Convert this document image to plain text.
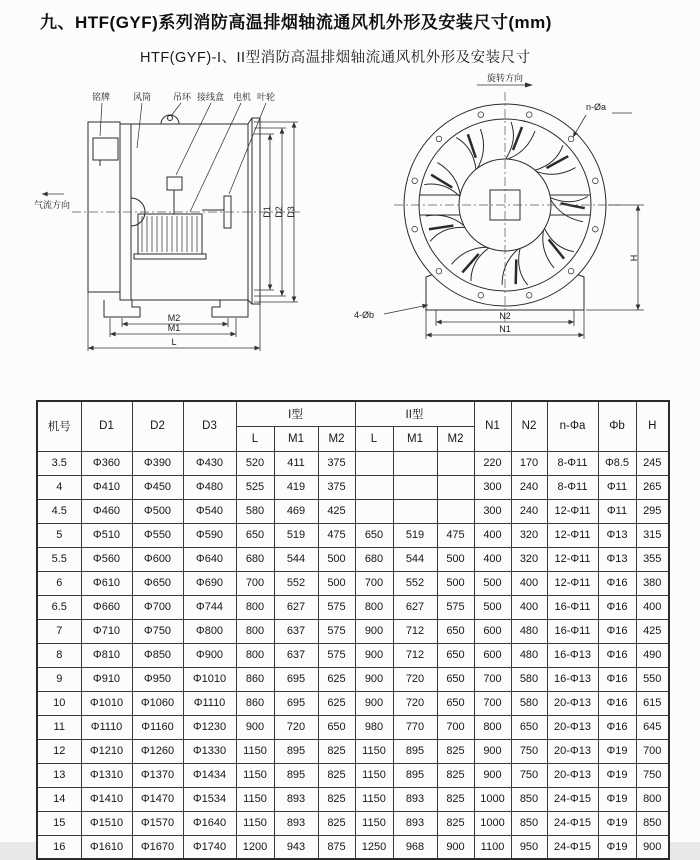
九、HTF(GYF)系列消防高温排烟轴流通风机外形及安装尺寸(mm)
HTF(GYF)-I、II型消防高温排烟轴流通风机外形及安装尺寸
铭牌	风筒 吊环 接线盒 电机 叶轮
气流方向
D1 D2 D3
M2
M1
L
旋转方向
n-Øa
4-Øb
H
N2
N1
机号	D1	D2	D3	I型			II型			N1	N2	n-Φa	Φb	H
				L	M1	M2	L	M1	M2					
3.5	Φ360	Φ390	Φ430	520	411	375				220	170	8-Φ11	Φ8.5	245
4	Φ410	Φ450	Φ480	525	419	375				300	240	8-Φ11	Φ11	265
4.5	Φ460	Φ500	Φ540	580	469	425				300	240	12-Φ11	Φ11	295
5	Φ510	Φ550	Φ590	650	519	475	650	519	475	400	320	12-Φ11	Φ13	315
5.5	Φ560	Φ600	Φ640	680	544	500	680	544	500	400	320	12-Φ11	Φ13	355
6	Φ610	Φ650	Φ690	700	552	500	700	552	500	500	400	12-Φ11	Φ16	380
6.5	Φ660	Φ700	Φ744	800	627	575	800	627	575	500	400	16-Φ11	Φ16	400
7	Φ710	Φ750	Φ800	800	637	575	900	712	650	600	480	16-Φ11	Φ16	425
8	Φ810	Φ850	Φ900	800	637	575	900	712	650	600	480	16-Φ13	Φ16	490
9	Φ910	Φ950	Φ1010	860	695	625	900	720	650	700	580	16-Φ13	Φ16	550
10	Φ1010	Φ1060	Φ1110	860	695	625	900	720	650	700	580	20-Φ13	Φ16	615
11	Φ1110	Φ1160	Φ1230	900	720	650	980	770	700	800	650	20-Φ13	Φ16	645
12	Φ1210	Φ1260	Φ1330	1150	895	825	1150	895	825	900	750	20-Φ13	Φ19	700
13	Φ1310	Φ1370	Φ1434	1150	895	825	1150	895	825	900	750	20-Φ13	Φ19	750
14	Φ1410	Φ1470	Φ1534	1150	893	825	1150	893	825	1000	850	24-Φ15	Φ19	800
15	Φ1510	Φ1570	Φ1640	1150	893	825	1150	893	825	1000	850	24-Φ15	Φ19	850
16	Φ1610	Φ1670	Φ1740	1200	943	875	1250	968	900	1100	950	24-Φ15	Φ19	900
